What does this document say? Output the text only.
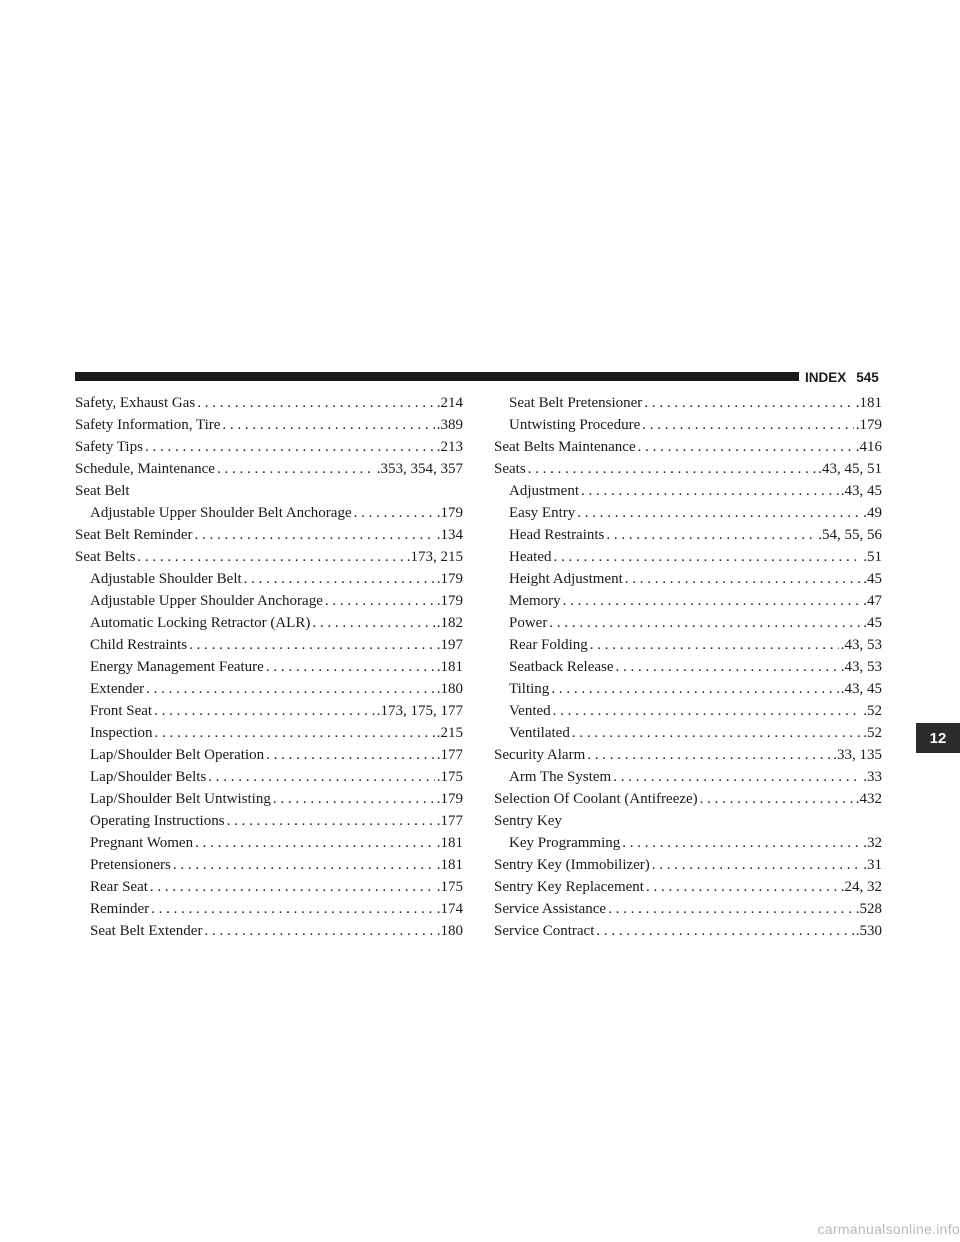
INDEX 545
Safety, Exhaust Gas . . .	.214
Safety Information, Tire . . .	.389
Safety Tips . . .	.213
Schedule, Maintenance . . .	.353, 354, 357
Seat Belt
Adjustable Upper Shoulder Belt Anchorage . . .	.179
Seat Belt Reminder . . .	.134
Seat Belts . . .	.173, 215
Adjustable Shoulder Belt . . .	.179
Adjustable Upper Shoulder Anchorage . . .	.179
Automatic Locking Retractor (ALR) . . .	.182
Child Restraints . . .	.197
Energy Management Feature . . .	.181
Extender . . .	.180
Front Seat . . .	.173, 175, 177
Inspection . . .	.215
Lap/Shoulder Belt Operation . . .	.177
Lap/Shoulder Belts . . .	.175
Lap/Shoulder Belt Untwisting . . .	.179
Operating Instructions . . .	.177
Pregnant Women . . .	.181
Pretensioners . . .	.181
Rear Seat . . .	.175
Reminder . . .	.174
Seat Belt Extender . . .	.180
Seat Belt Pretensioner . . .	.181
Untwisting Procedure . . .	.179
Seat Belts Maintenance . . .	.416
Seats . . .	.43, 45, 51
Adjustment . . .	.43, 45
Easy Entry . . .	.49
Head Restraints . . .	.54, 55, 56
Heated . . .	.51
Height Adjustment . . .	.45
Memory . . .	.47
Power . . .	.45
Rear Folding . . .	.43, 53
Seatback Release . . .	.43, 53
Tilting . . .	.43, 45
Vented . . .	.52
Ventilated . . .	.52
Security Alarm . . .	.33, 135
Arm The System . . .	.33
Selection Of Coolant (Antifreeze) . . .	.432
Sentry Key
Key Programming . . .	.32
Sentry Key (Immobilizer) . . .	.31
Sentry Key Replacement . . .	.24, 32
Service Assistance . . .	.528
Service Contract . . .	.530
12
carmanualsonline.info
